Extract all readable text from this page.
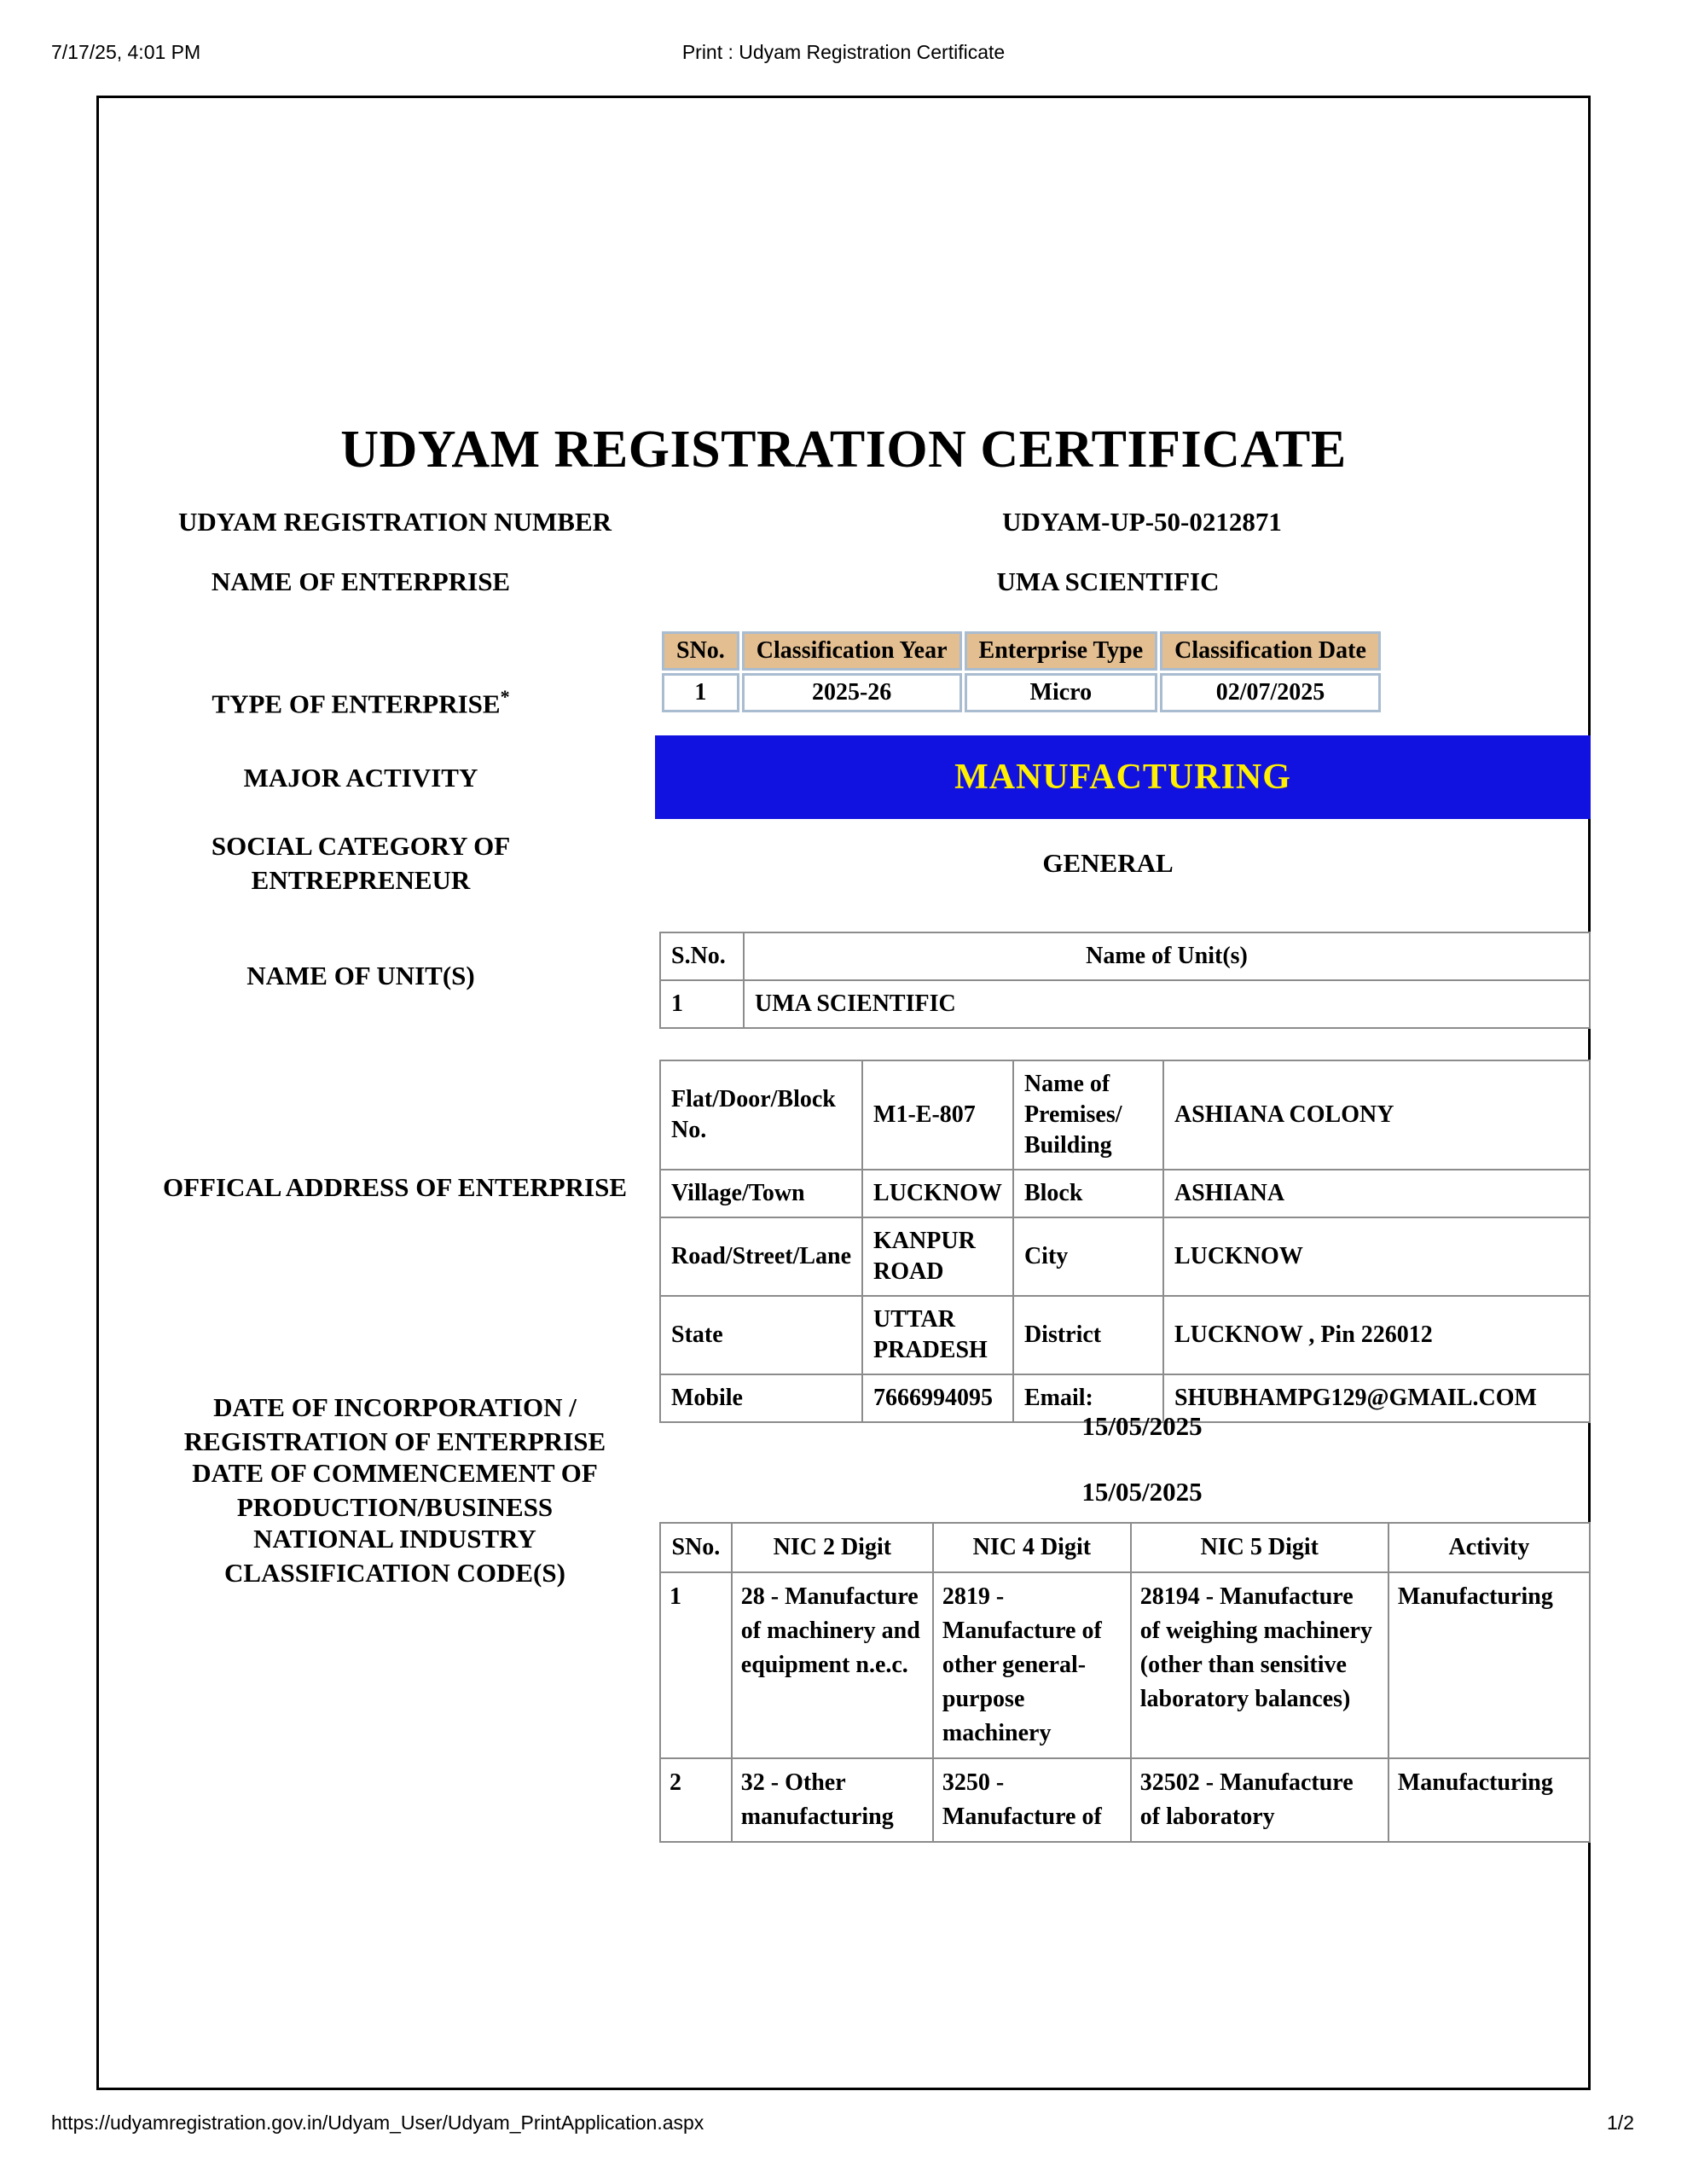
7/17/25, 4:01 PM	Print : Udyam Registration Certificate
UDYAM REGISTRATION CERTIFICATE
UDYAM REGISTRATION NUMBER	UDYAM-UP-50-0212871
NAME OF ENTERPRISE	UMA SCIENTIFIC
TYPE OF ENTERPRISE*
SNo.	Classification Year	Enterprise Type	Classification Date
1	2025-26	Micro	02/07/2025
MAJOR ACTIVITY	MANUFACTURING
SOCIAL CATEGORY OF
ENTREPRENEUR
GENERAL
NAME OF UNIT(S)
S.No.	Name of Unit(s)
1	UMA SCIENTIFIC
OFFICAL ADDRESS OF ENTERPRISE
Flat/Door/Block No.	M1-E-807	Name of Premises/ Building	ASHIANA COLONY
Village/Town	LUCKNOW	Block	ASHIANA
Road/Street/Lane	KANPUR ROAD	City	LUCKNOW
State	UTTAR PRADESH	District	LUCKNOW , Pin 226012
Mobile	7666994095	Email:	SHUBHAMPG129@GMAIL.COM
DATE OF INCORPORATION /
REGISTRATION OF ENTERPRISE
15/05/2025
DATE OF COMMENCEMENT OF
PRODUCTION/BUSINESS
15/05/2025
NATIONAL INDUSTRY
CLASSIFICATION CODE(S)
SNo.	NIC 2 Digit	NIC 4 Digit	NIC 5 Digit	Activity
1	28 - Manufacture of machinery and equipment n.e.c.	2819 - Manufacture of other general-purpose machinery	28194 - Manufacture of weighing machinery (other than sensitive laboratory balances)	Manufacturing
2	32 - Other manufacturing	3250 - Manufacture of	32502 - Manufacture of laboratory	Manufacturing
https://udyamregistration.gov.in/Udyam_User/Udyam_PrintApplication.aspx	1/2
